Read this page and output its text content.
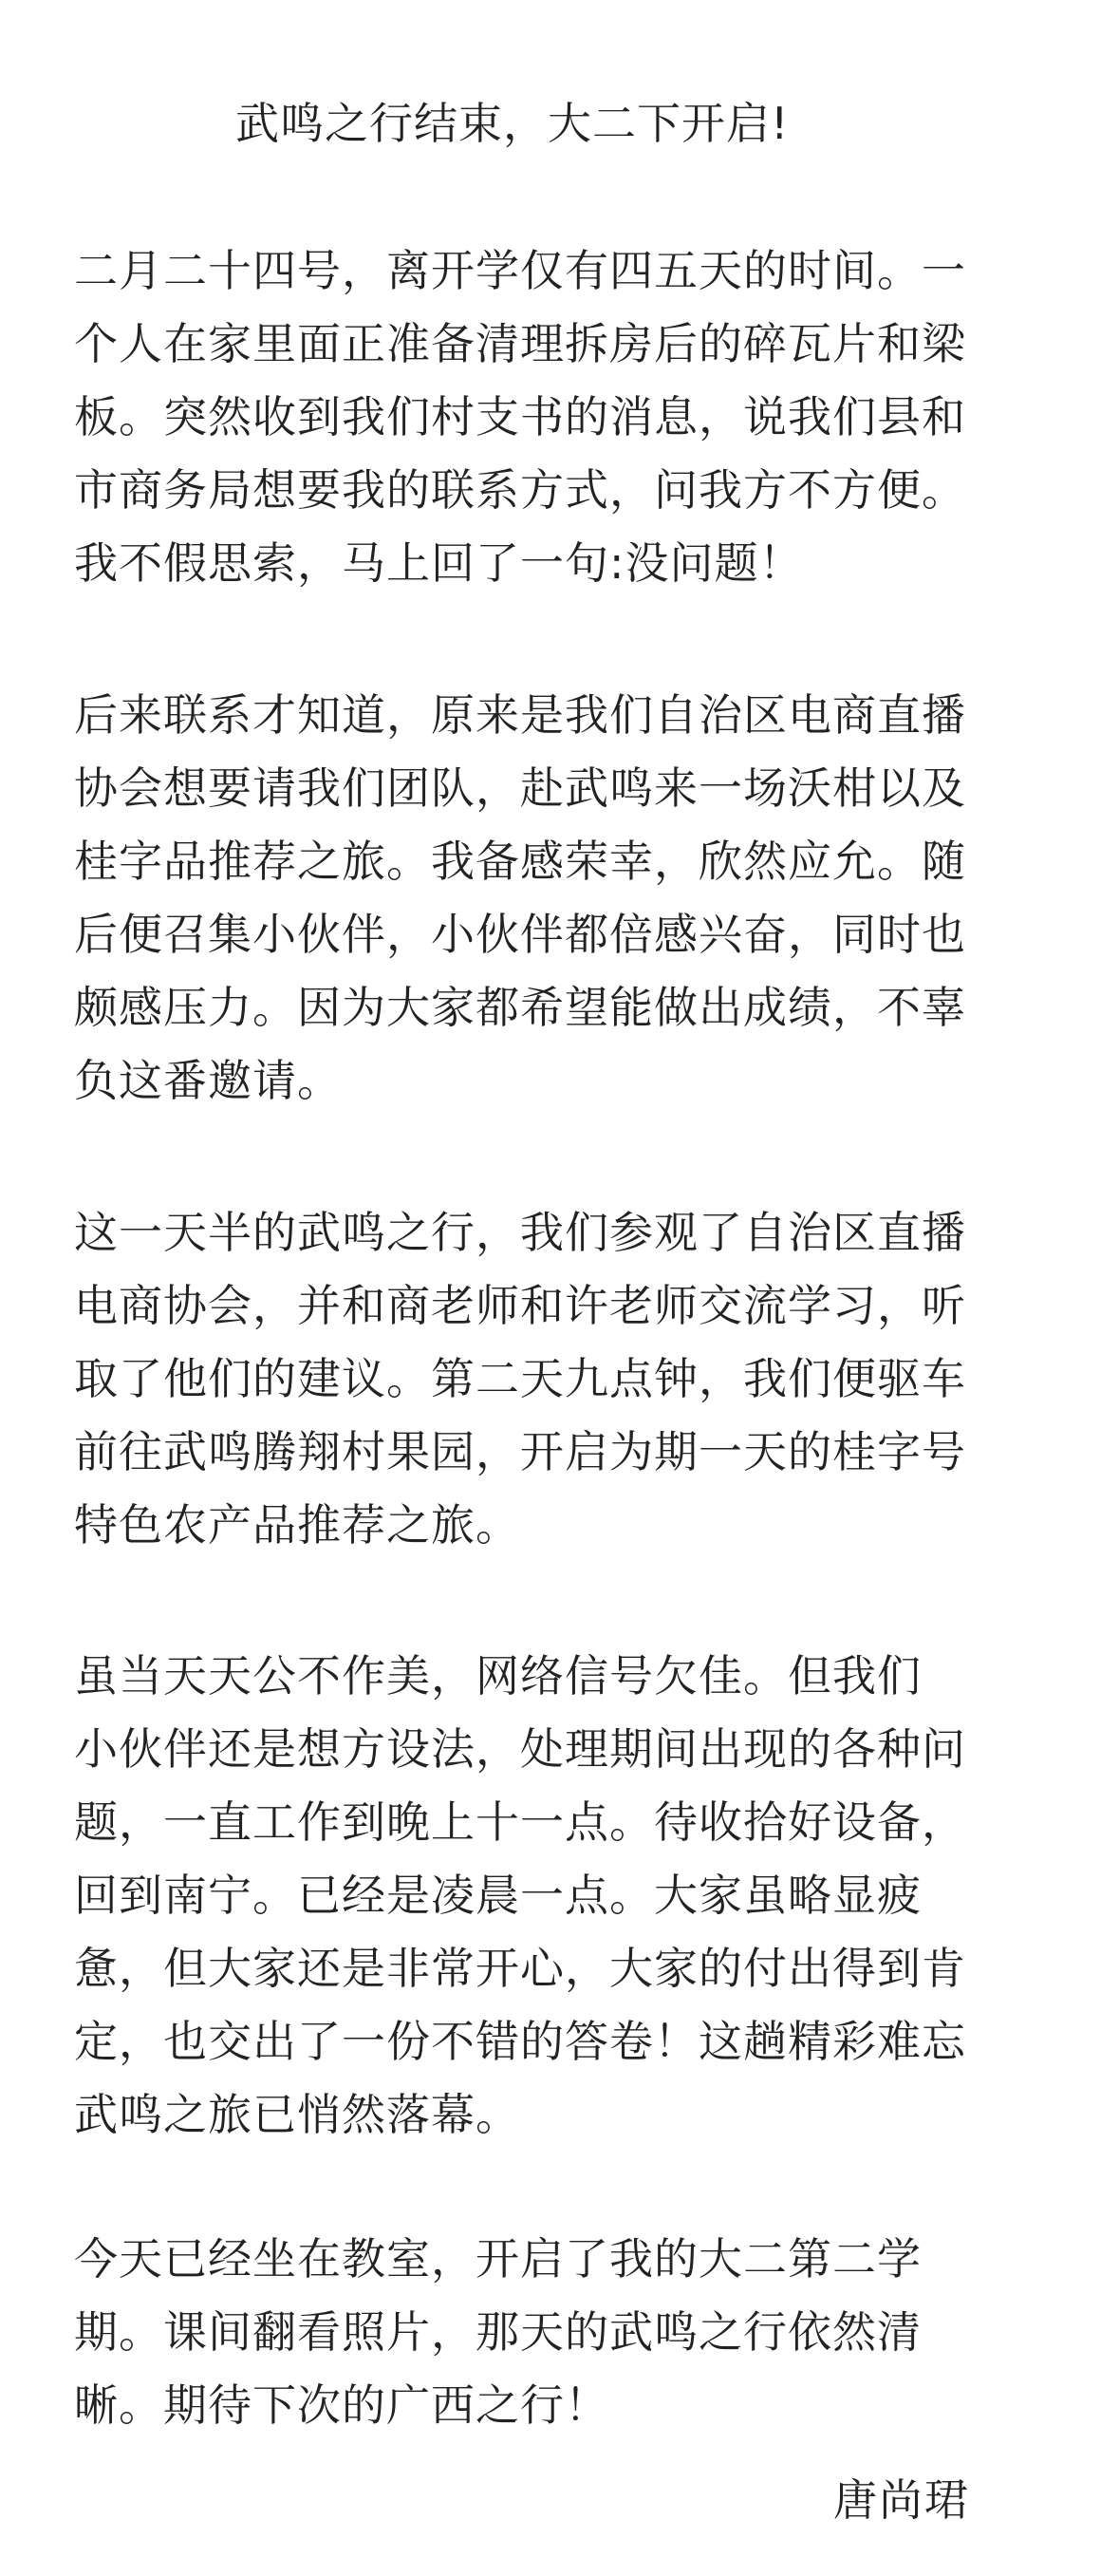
武鸣之行结束，大二下开启!
二月二十四号，离开学仅有四五天的时间。一
个人在家里面正准备清理拆房后的碎瓦片和梁
板。突然收到我们村支书的消息，说我们县和
市商务局想要我的联系方式，问我方不方便。
我不假思索，马上回了一句:没问题！
后来联系才知道，原来是我们自治区电商直播
协会想要请我们团队，赴武鸣来一场沃柑以及
桂字品推荐之旅。我备感荣幸，欣然应允。随
后便召集小伙伴，小伙伴都倍感兴奋，同时也
颇感压力。因为大家都希望能做出成绩，不辜
负这番邀请。
这一天半的武鸣之行，我们参观了自治区直播
电商协会，并和商老师和许老师交流学习，听
取了他们的建议。第二天九点钟，我们便驱车
前往武鸣腾翔村果园，开启为期一天的桂字号
特色农产品推荐之旅。
虽当天天公不作美，网络信号欠佳。但我们
小伙伴还是想方设法，处理期间出现的各种问
题，一直工作到晚上十一点。待收拾好设备，
回到南宁。已经是凌晨一点。大家虽略显疲
惫，但大家还是非常开心，大家的付出得到肯
定，也交出了一份不错的答卷！这趟精彩难忘
武鸣之旅已悄然落幕。
今天已经坐在教室，开启了我的大二第二学
期。课间翻看照片，那天的武鸣之行依然清
晰。期待下次的广西之行！
唐尚珺
